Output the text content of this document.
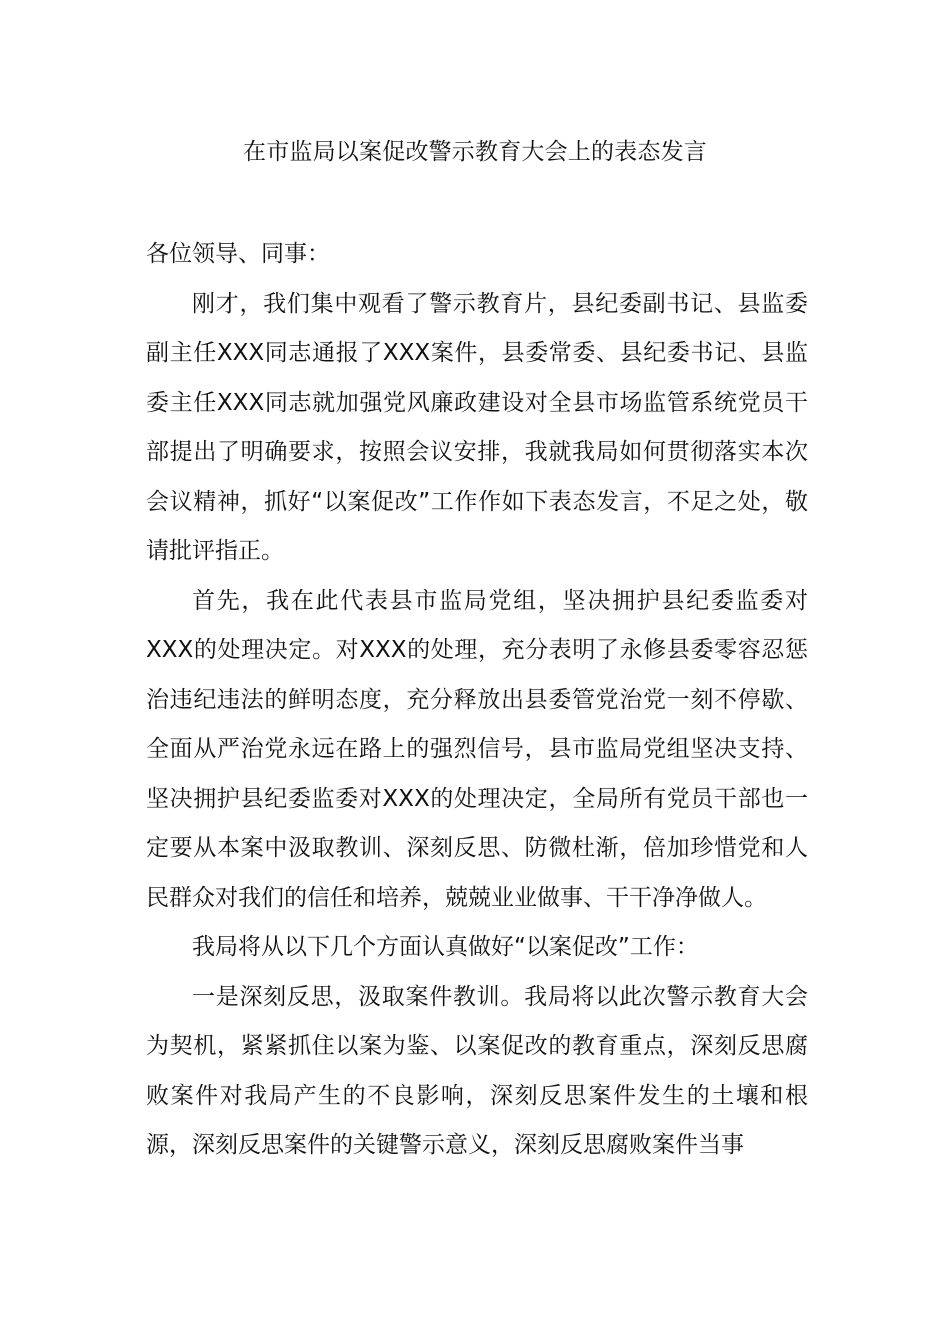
在市监局以案促改警示教育大会上的表态发言

各位领导、同事：

刚才，我们集中观看了警示教育片，县纪委副书记、县监委副主任XXX同志通报了XXX案件，县委常委、县纪委书记、县监委主任XXX同志就加强党风廉政建设对全县市场监管系统党员干部提出了明确要求，按照会议安排，我就我局如何贯彻落实本次会议精神，抓好“以案促改”工作作如下表态发言，不足之处，敬请批评指正。

首先，我在此代表县市监局党组，坚决拥护县纪委监委对XXX的处理决定。对XXX的处理，充分表明了永修县委零容忍惩治违纪违法的鲜明态度，充分释放出县委管党治党一刻不停歇、全面从严治党永远在路上的强烈信号，县市监局党组坚决支持、坚决拥护县纪委监委对XXX的处理决定，全局所有党员干部也一定要从本案中汲取教训、深刻反思、防微杜渐，倍加珍惜党和人民群众对我们的信任和培养，兢兢业业做事、干干净净做人。

我局将从以下几个方面认真做好“以案促改”工作：

一是深刻反思，汲取案件教训。我局将以此次警示教育大会为契机，紧紧抓住以案为鉴、以案促改的教育重点，深刻反思腐败案件对我局产生的不良影响，深刻反思案件发生的土壤和根源，深刻反思案件的关键警示意义，深刻反思腐败案件当事
